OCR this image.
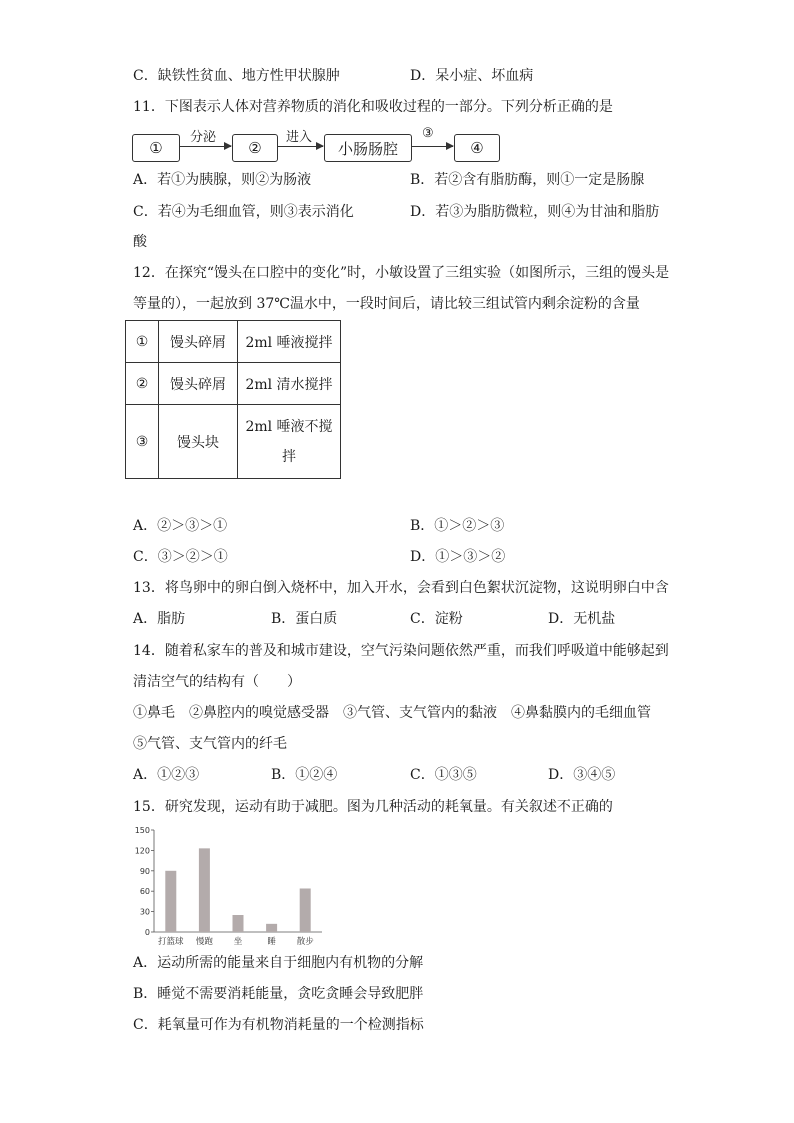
C．缺铁性贫血、地方性甲状腺肿	D．呆小症、坏血病
11．下图表示人体对营养物质的消化和吸收过程的一部分。下列分析正确的是
①
分泌
②
进入
小肠肠腔
③
④
A．若①为胰腺，则②为肠液	B．若②含有脂肪酶，则①一定是肠腺
C．若④为毛细血管，则③表示消化	D．若③为脂肪微粒，则④为甘油和脂肪
酸
12．在探究“馒头在口腔中的变化”时，小敏设置了三组实验（如图所示，三组的馒头是
等量的），一起放到 37℃温水中，一段时间后，请比较三组试管内剩余淀粉的含量
①	馒头碎屑	2ml 唾液搅拌
②	馒头碎屑	2ml 清水搅拌
③	馒头块	2ml 唾液不搅
拌
A．②＞③＞①	B．①＞②＞③
C．③＞②＞①	D．①＞③＞②
13．将鸟卵中的卵白倒入烧杯中，加入开水，会看到白色絮状沉淀物，这说明卵白中含
A．脂肪	B．蛋白质	C．淀粉	D．无机盐
14．随着私家车的普及和城市建设，空气污染问题依然严重，而我们呼吸道中能够起到
清洁空气的结构有（　　）
①鼻毛　②鼻腔内的嗅觉感受器　③气管、支气管内的黏液　④鼻黏膜内的毛细血管
⑤气管、支气管内的纤毛
A．①②③	B．①②④	C．①③⑤	D．③④⑤
15．研究发现，运动有助于减肥。图为几种活动的耗氧量。有关叙述不正确的
0
30
60
90
120
150
打篮球 慢跑 坐	睡 散步
A．运动所需的能量来自于细胞内有机物的分解
B．睡觉不需要消耗能量，贪吃贪睡会导致肥胖
C．耗氧量可作为有机物消耗量的一个检测指标
